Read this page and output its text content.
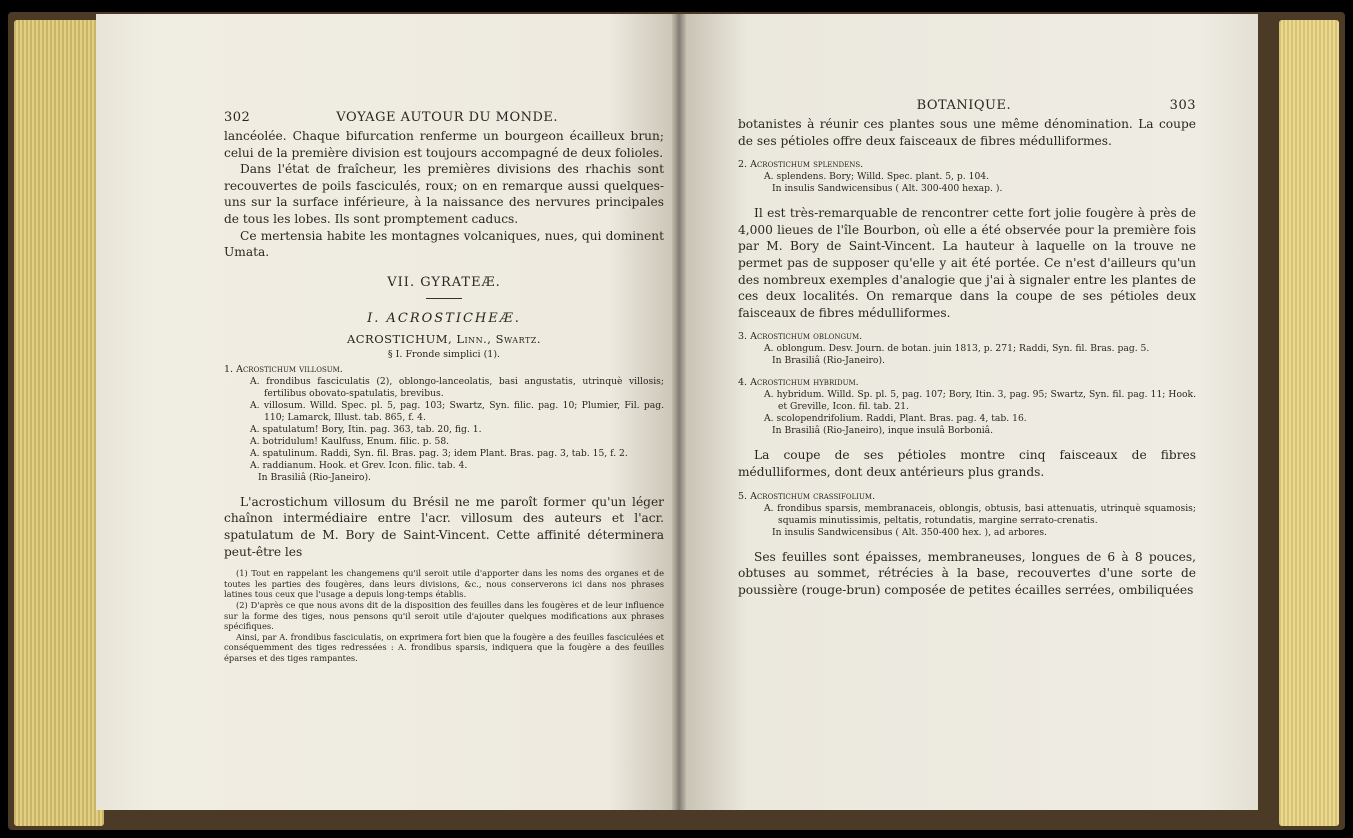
302	VOYAGE AUTOUR DU MONDE.

lancéolée. Chaque bifurcation renferme un bourgeon écailleux brun; celui de la première division est toujours accompagné de deux folioles.

Dans l'état de fraîcheur, les premières divisions des rhachis sont recouvertes de poils fasciculés, roux; on en remarque aussi quelques-uns sur la surface inférieure, à la naissance des nervures principales de tous les lobes. Ils sont promptement caducs.

Ce mertensia habite les montagnes volcaniques, nues, qui dominent Umata.

VII. GYRATEÆ.
I. ACROSTICHEÆ.
ACROSTICHUM, Linn., Swartz.
§ I. Fronde simplici (1).
1. Acrostichum villosum.
A. frondibus fasciculatis (2), oblongo-lanceolatis, basi angustatis, utrinquè villosis; fertilibus obovato-spatulatis, brevibus.
A. villosum. Willd. Spec. pl. 5, pag. 103; Swartz, Syn. filic. pag. 10; Plumier, Fil. pag. 110; Lamarck, Illust. tab. 865, f. 4.
A. spatulatum! Bory, Itin. pag. 363, tab. 20, fig. 1.
A. botridulum! Kaulfuss, Enum. filic. p. 58.
A. spatulinum. Raddi, Syn. fil. Bras. pag. 3; idem Plant. Bras. pag. 3, tab. 15, f. 2.
A. raddianum. Hook. et Grev. Icon. filic. tab. 4.
In Brasiliâ (Rio-Janeiro).

L'acrostichum villosum du Brésil ne me paroît former qu'un léger chaînon intermédiaire entre l'acr. villosum des auteurs et l'acr. spatulatum de M. Bory de Saint-Vincent. Cette affinité déterminera peut-être les

(1) Tout en rappelant les changemens qu'il seroit utile d'apporter dans les noms des organes et de toutes les parties des fougères, dans leurs divisions, &c., nous conserverons ici dans nos phrases latines tous ceux que l'usage a depuis long-temps établis.
(2) D'après ce que nous avons dit de la disposition des feuilles dans les fougères et de leur influence sur la forme des tiges, nous pensons qu'il seroit utile d'ajouter quelques modifications aux phrases spécifiques.
Ainsi, par A. frondibus fasciculatis, on exprimera fort bien que la fougère a des feuilles fasciculées et conséquemment des tiges redressées : A. frondibus sparsis, indiquera que la fougère a des feuilles éparses et des tiges rampantes.
BOTANIQUE.	303

botanistes à réunir ces plantes sous une même dénomination. La coupe de ses pétioles offre deux faisceaux de fibres médulliformes.

2. Acrostichum splendens.
A. splendens. Bory; Willd. Spec. plant. 5, p. 104.
In insulis Sandwicensibus ( Alt. 300-400 hexap. ).

Il est très-remarquable de rencontrer cette fort jolie fougère à près de 4,000 lieues de l'île Bourbon, où elle a été observée pour la première fois par M. Bory de Saint-Vincent. La hauteur à laquelle on la trouve ne permet pas de supposer qu'elle y ait été portée. Ce n'est d'ailleurs qu'un des nombreux exemples d'analogie que j'ai à signaler entre les plantes de ces deux localités. On remarque dans la coupe de ses pétioles deux faisceaux de fibres médulliformes.

3. Acrostichum oblongum.
A. oblongum. Desv. Journ. de botan. juin 1813, p. 271; Raddi, Syn. fil. Bras. pag. 5.
In Brasiliâ (Rio-Janeiro).
4. Acrostichum hybridum.
A. hybridum. Willd. Sp. pl. 5, pag. 107; Bory, Itin. 3, pag. 95; Swartz, Syn. fil. pag. 11; Hook. et Greville, Icon. fil. tab. 21.
A. scolopendrifolium. Raddi, Plant. Bras. pag. 4, tab. 16.
In Brasiliâ (Rio-Janeiro), inque insulâ Borboniâ.

La coupe de ses pétioles montre cinq faisceaux de fibres médulliformes, dont deux antérieurs plus grands.

5. Acrostichum crassifolium.
A. frondibus sparsis, membranaceis, oblongis, obtusis, basi attenuatis, utrinquè squamosis; squamis minutissimis, peltatis, rotundatis, margine serrato-crenatis.
In insulis Sandwicensibus ( Alt. 350-400 hex. ), ad arbores.

Ses feuilles sont épaisses, membraneuses, longues de 6 à 8 pouces, obtuses au sommet, rétrécies à la base, recouvertes d'une sorte de poussière (rouge-brun) composée de petites écailles serrées, ombiliquées
